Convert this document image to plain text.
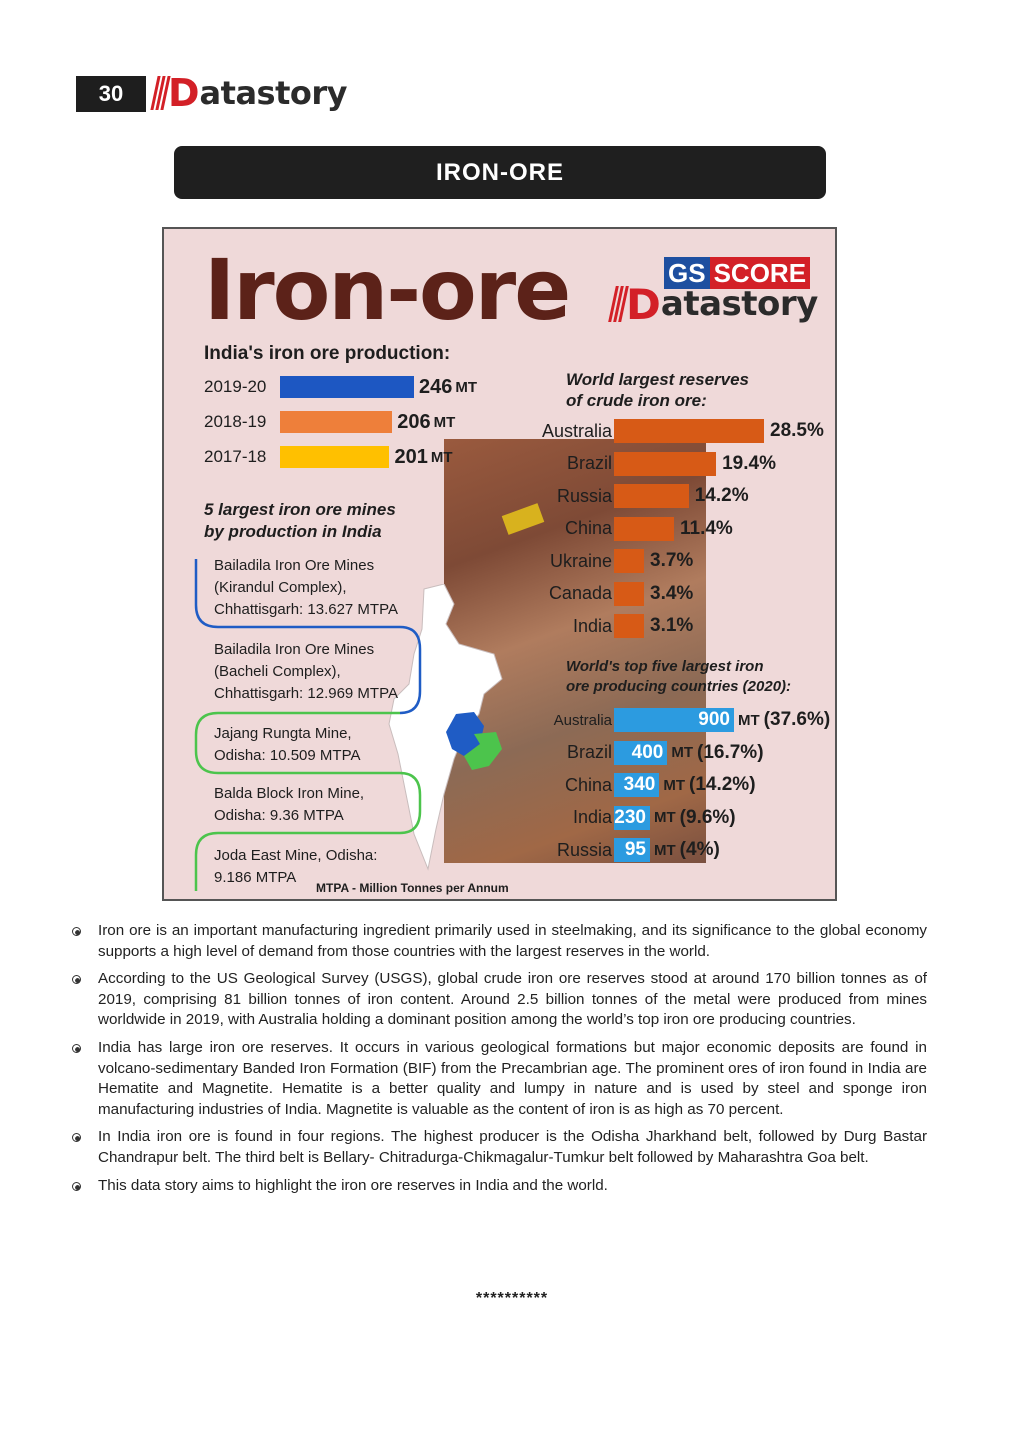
30	D atastory
IRON-ORE
Iron-ore	GS SCORE
D atastory
India's iron ore production:
2019-20	246 MT
2018-19	206 MT
2017-18	201 MT
5 largest iron ore mines
by production in India
Bailadila Iron Ore Mines
(Kirandul Complex),
Chhattisgarh: 13.627 MTPA
Bailadila Iron Ore Mines
(Bacheli Complex),
Chhattisgarh: 12.969 MTPA
Jajang Rungta Mine,
Odisha: 10.509 MTPA
Balda Block Iron Mine,
Odisha: 9.36 MTPA
Joda East Mine, Odisha:
9.186 MTPA
World largest reserves
of crude iron ore:
Australia	28.5%
Brazil	19.4%
Russia	14.2%
China	11.4%
Ukraine 3.7%
Canada 3.4%
India 3.1%
World's top five largest iron
ore producing countries (2020):
Australia	900 MT (37.6%)
Brazil 400 MT (16.7%)
China 340 MT (14.2%)
India 230 MT (9.6%)
Russia 95 MT (4%)
MTPA - Million Tonnes per Annum
Iron ore is an important manufacturing ingredient primarily used in steelmaking, and its significance to the global economy supports a high level of demand from those countries with the largest reserves in the world.
According to the US Geological Survey (USGS), global crude iron ore reserves stood at around 170 billion tonnes as of 2019, comprising 81 billion tonnes of iron content. Around 2.5 billion tonnes of the metal were produced from mines worldwide in 2019, with Australia holding a dominant position among the world’s top iron ore producing countries.
India has large iron ore reserves. It occurs in various geological formations but major economic deposits are found in volcano-sedimentary Banded Iron Formation (BIF) from the Precambrian age. The prominent ores of iron found in India are Hematite and Magnetite. Hematite is a better quality and lumpy in nature and is used by steel and sponge iron manufacturing industries of India. Magnetite is valuable as the content of iron is as high as 70 percent.
In India iron ore is found in four regions. The highest producer is the Odisha Jharkhand belt, followed by Durg Bastar Chandrapur belt. The third belt is Bellary- Chitradurga-Chikmagalur-Tumkur belt followed by Maharashtra Goa belt.
This data story aims to highlight the iron ore reserves in India and the world.
**********
